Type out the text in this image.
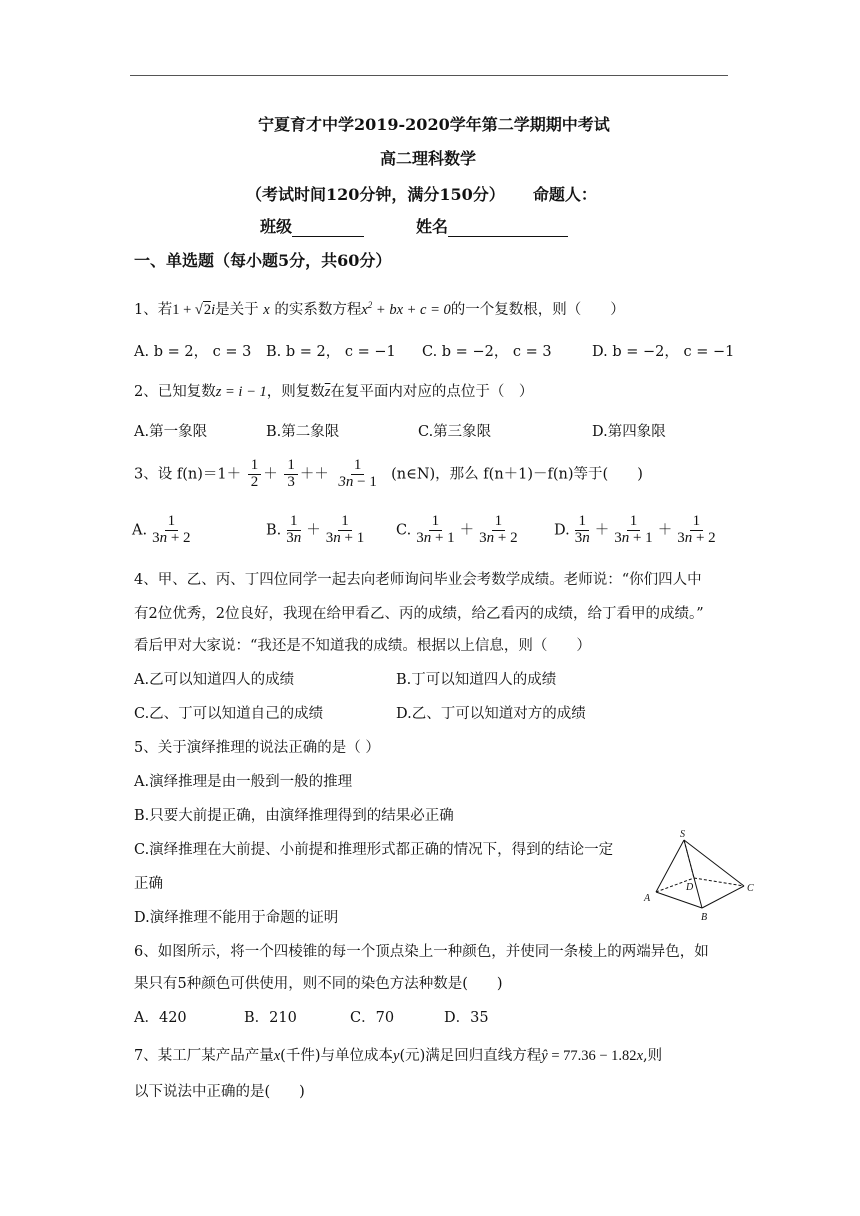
宁夏育才中学2019-2020学年第二学期期中考试
高二理科数学
（考试时间120分钟，满分150分） 命题人：
班级	姓名
一、单选题（每小题5分，共60分）
1、若1 + √2i是关于 x 的实系数方程$x^2$ + bx + c = 0的一个复数根，则（　　）
A. b = 2， c = 3 B. b = 2， c = −1 C. b = −2， c = 3	D. b = −2， c = −1
2、已知复数z = i − 1，则复数$\overline{z}$在复平面内对应的点位于（　）
A.第一象限	B.第二象限	C.第三象限	D.第四象限
3、设 $f(n)=1+ \frac{1}{2} + \frac{1}{3} ++ \frac{1}{3n - 1}$ (n∈N)，那么 f(n＋1)－f(n)等于(　　)
A. $\frac{1}{3n + 2}$	B. $\frac{1}{3n} + \frac{1}{3n + 1} C$. $\frac{1}{3n + 1} + \frac{1}{3n + 2} D$. $\frac{1}{3n} + \frac{1}{3n + 1} + \frac{1}{3n + 2}$
4、甲、乙、丙、丁四位同学一起去向老师询问毕业会考数学成绩。老师说：“你们四人中
有2位优秀，2位良好，我现在给甲看乙、丙的成绩，给乙看丙的成绩，给丁看甲的成绩。”
看后甲对大家说：“我还是不知道我的成绩。根据以上信息，则（　　）
A.乙可以知道四人的成绩	B.丁可以知道四人的成绩
C.乙、丁可以知道自己的成绩	D.乙、丁可以知道对方的成绩
5、关于演绎推理的说法正确的是（ ）
A.演绎推理是由一般到一般的推理
B.只要大前提正确，由演绎推理得到的结果必正确
C.演绎推理在大前提、小前提和推理形式都正确的情况下，得到的结论一定
正确
D.演绎推理不能用于命题的证明
S
A
B
C
D
6、如图所示，将一个四棱锥的每一个顶点染上一种颜色，并使同一条棱上的两端异色，如
果只有5种颜色可供使用，则不同的染色方法种数是(　　)
A．420	B．210	C．70	D．35
7、某工厂某产品产量x(千件)与单位成本y(元)满足回归直线方程ŷ = 77.36 − 1.82x,则
以下说法中正确的是(　　)
